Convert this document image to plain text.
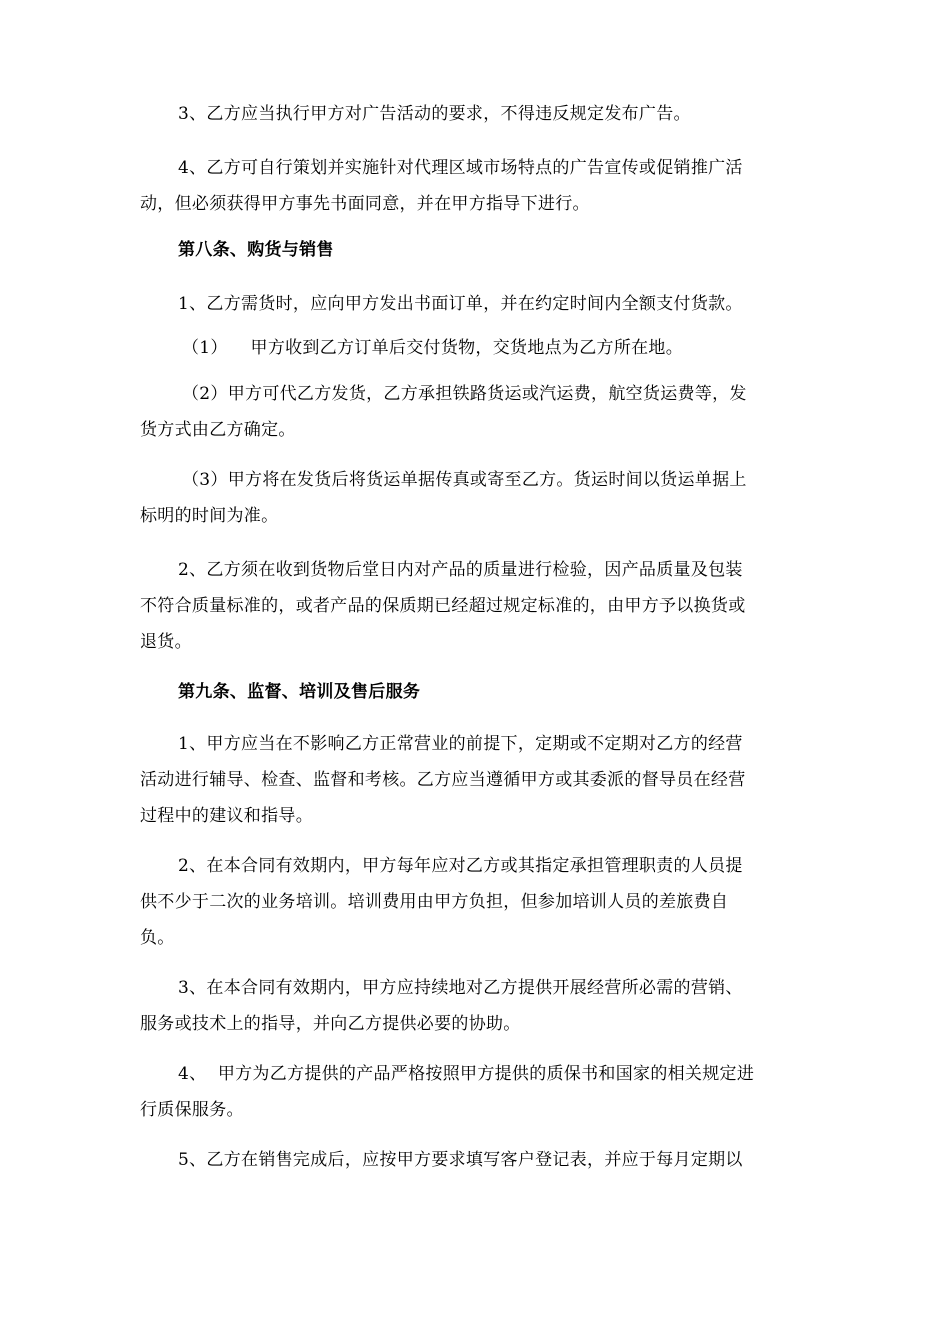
3、乙方应当执行甲方对广告活动的要求，不得违反规定发布广告。

4、乙方可自行策划并实施针对代理区域市场特点的广告宣传或促销推广活
动，但必须获得甲方事先书面同意，并在甲方指导下进行。

第八条、购货与销售

1、乙方需货时，应向甲方发出书面订单，并在约定时间内全额支付货款。

（1）    甲方收到乙方订单后交付货物，交货地点为乙方所在地。

（2）甲方可代乙方发货，乙方承担铁路货运或汽运费，航空货运费等，发
货方式由乙方确定。

（3）甲方将在发货后将货运单据传真或寄至乙方。货运时间以货运单据上
标明的时间为准。

2、乙方须在收到货物后堂日内对产品的质量进行检验，因产品质量及包装
不符合质量标准的，或者产品的保质期已经超过规定标准的，由甲方予以换货或
退货。

第九条、监督、培训及售后服务

1、甲方应当在不影响乙方正常营业的前提下，定期或不定期对乙方的经营
活动进行辅导、检查、监督和考核。乙方应当遵循甲方或其委派的督导员在经营
过程中的建议和指导。

2、在本合同有效期内，甲方每年应对乙方或其指定承担管理职责的人员提
供不少于二次的业务培训。培训费用由甲方负担，但参加培训人员的差旅费自
负。

3、在本合同有效期内，甲方应持续地对乙方提供开展经营所必需的营销、
服务或技术上的指导，并向乙方提供必要的协助。

4、  甲方为乙方提供的产品严格按照甲方提供的质保书和国家的相关规定进
行质保服务。

5、乙方在销售完成后，应按甲方要求填写客户登记表，并应于每月定期以
